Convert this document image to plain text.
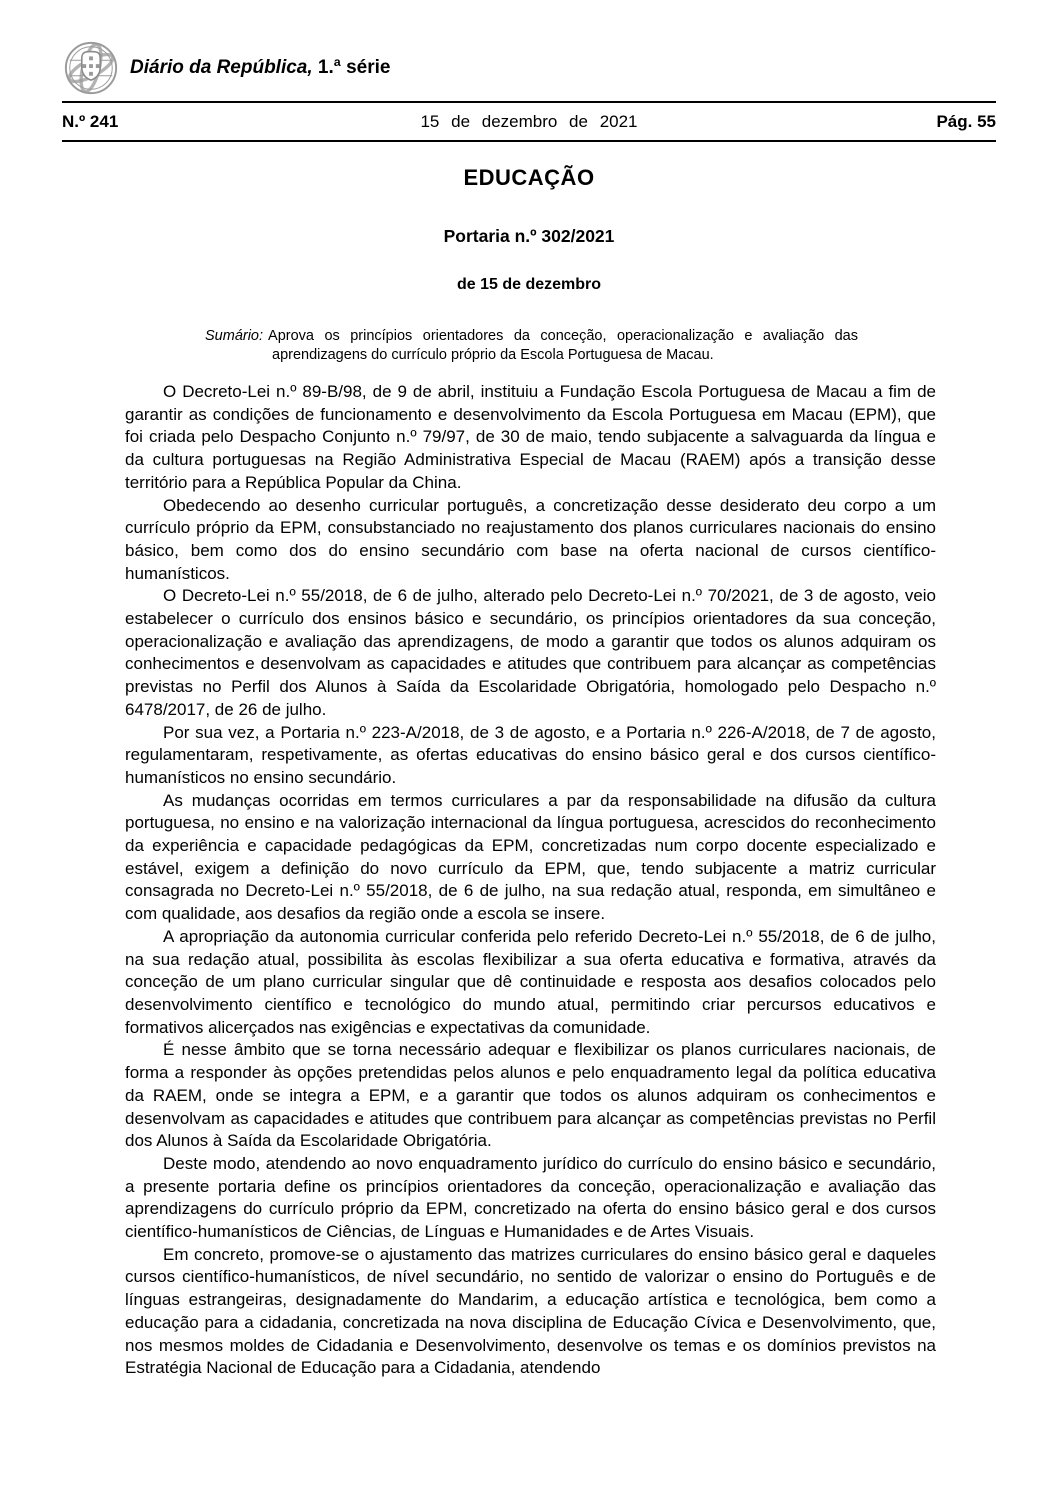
Diário da República, 1.ª série
N.º 241	15 de dezembro de 2021	Pág. 55
EDUCAÇÃO
Portaria n.º 302/2021
de 15 de dezembro
Sumário: Aprova os princípios orientadores da conceção, operacionalização e avaliação das aprendizagens do currículo próprio da Escola Portuguesa de Macau.

O Decreto-Lei n.º 89-B/98, de 9 de abril, instituiu a Fundação Escola Portuguesa de Macau a fim de garantir as condições de funcionamento e desenvolvimento da Escola Portuguesa em Macau (EPM), que foi criada pelo Despacho Conjunto n.º 79/97, de 30 de maio, tendo subjacente a salvaguarda da língua e da cultura portuguesas na Região Administrativa Especial de Macau (RAEM) após a transição desse território para a República Popular da China.

Obedecendo ao desenho curricular português, a concretização desse desiderato deu corpo a um currículo próprio da EPM, consubstanciado no reajustamento dos planos curriculares nacionais do ensino básico, bem como dos do ensino secundário com base na oferta nacional de cursos científico-humanísticos.

O Decreto-Lei n.º 55/2018, de 6 de julho, alterado pelo Decreto-Lei n.º 70/2021, de 3 de agosto, veio estabelecer o currículo dos ensinos básico e secundário, os princípios orientadores da sua conceção, operacionalização e avaliação das aprendizagens, de modo a garantir que todos os alunos adquiram os conhecimentos e desenvolvam as capacidades e atitudes que contribuem para alcançar as competências previstas no Perfil dos Alunos à Saída da Escolaridade Obrigatória, homologado pelo Despacho n.º 6478/2017, de 26 de julho.

Por sua vez, a Portaria n.º 223-A/2018, de 3 de agosto, e a Portaria n.º 226-A/2018, de 7 de agosto, regulamentaram, respetivamente, as ofertas educativas do ensino básico geral e dos cursos científico-humanísticos no ensino secundário.

As mudanças ocorridas em termos curriculares a par da responsabilidade na difusão da cultura portuguesa, no ensino e na valorização internacional da língua portuguesa, acrescidos do reconhecimento da experiência e capacidade pedagógicas da EPM, concretizadas num corpo docente especializado e estável, exigem a definição do novo currículo da EPM, que, tendo subjacente a matriz curricular consagrada no Decreto-Lei n.º 55/2018, de 6 de julho, na sua redação atual, responda, em simultâneo e com qualidade, aos desafios da região onde a escola se insere.

A apropriação da autonomia curricular conferida pelo referido Decreto-Lei n.º 55/2018, de 6 de julho, na sua redação atual, possibilita às escolas flexibilizar a sua oferta educativa e formativa, através da conceção de um plano curricular singular que dê continuidade e resposta aos desafios colocados pelo desenvolvimento científico e tecnológico do mundo atual, permitindo criar percursos educativos e formativos alicerçados nas exigências e expectativas da comunidade.

É nesse âmbito que se torna necessário adequar e flexibilizar os planos curriculares nacionais, de forma a responder às opções pretendidas pelos alunos e pelo enquadramento legal da política educativa da RAEM, onde se integra a EPM, e a garantir que todos os alunos adquiram os conhecimentos e desenvolvam as capacidades e atitudes que contribuem para alcançar as competências previstas no Perfil dos Alunos à Saída da Escolaridade Obrigatória.

Deste modo, atendendo ao novo enquadramento jurídico do currículo do ensino básico e secundário, a presente portaria define os princípios orientadores da conceção, operacionalização e avaliação das aprendizagens do currículo próprio da EPM, concretizado na oferta do ensino básico geral e dos cursos científico-humanísticos de Ciências, de Línguas e Humanidades e de Artes Visuais.

Em concreto, promove-se o ajustamento das matrizes curriculares do ensino básico geral e daqueles cursos científico-humanísticos, de nível secundário, no sentido de valorizar o ensino do Português e de línguas estrangeiras, designadamente do Mandarim, a educação artística e tecnológica, bem como a educação para a cidadania, concretizada na nova disciplina de Educação Cívica e Desenvolvimento, que, nos mesmos moldes de Cidadania e Desenvolvimento, desenvolve os temas e os domínios previstos na Estratégia Nacional de Educação para a Cidadania, atendendo
